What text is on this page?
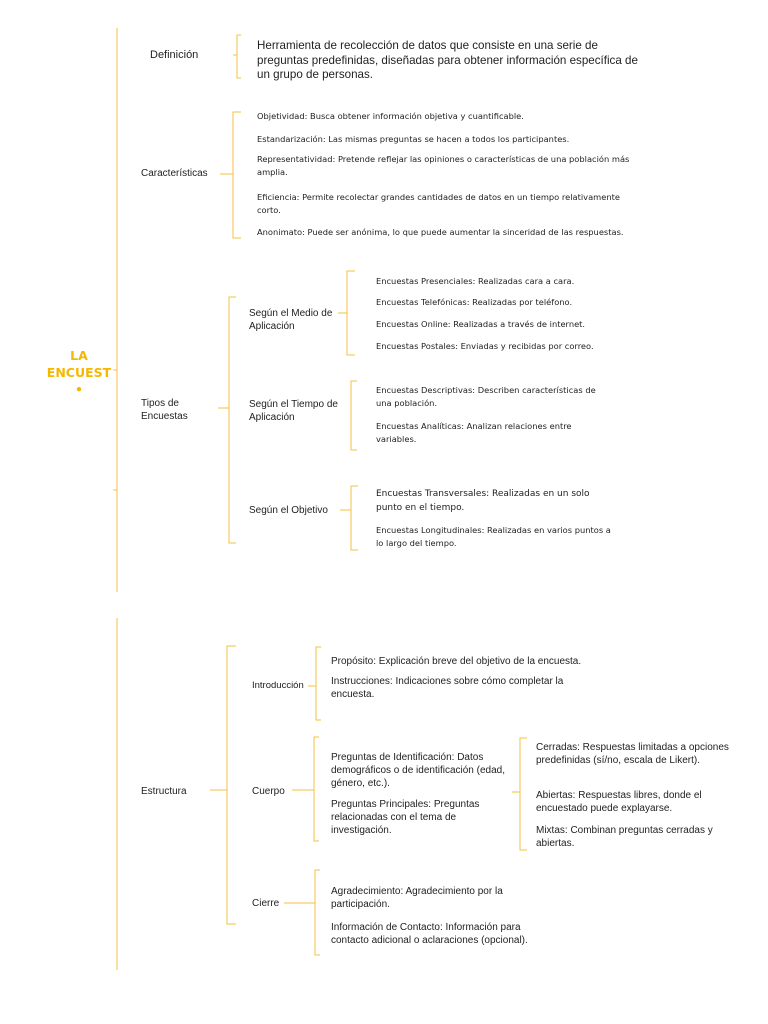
LA ENCUEST
•
Definición
Herramienta de recolección de datos que consiste en una serie de preguntas predefinidas, diseñadas para obtener información específica de un grupo de personas.
Características
Objetividad: Busca obtener información objetiva y cuantificable.
Estandarización: Las mismas preguntas se hacen a todos los participantes.
Representatividad: Pretende reflejar las opiniones o características de una población más amplia.
Eficiencia: Permite recolectar grandes cantidades de datos en un tiempo relativamente corto.
Anonimato: Puede ser anónima, lo que puede aumentar la sinceridad de las respuestas.
Tipos de Encuestas
Según el Medio de Aplicación
Encuestas Presenciales: Realizadas cara a cara.
Encuestas Telefónicas: Realizadas por teléfono.
Encuestas Online: Realizadas a través de internet.
Encuestas Postales: Enviadas y recibidas por correo.
Según el Tiempo de Aplicación
Encuestas Descriptivas: Describen características de una población.
Encuestas Analíticas: Analizan relaciones entre variables.
Según el Objetivo
Encuestas Transversales: Realizadas en un solo punto en el tiempo.
Encuestas Longitudinales: Realizadas en varios puntos a lo largo del tiempo.
Estructura
Introducción
Propósito: Explicación breve del objetivo de la encuesta.
Instrucciones: Indicaciones sobre cómo completar la encuesta.
Cuerpo
Preguntas de Identificación: Datos demográficos o de identificación (edad, género, etc.).
Preguntas Principales: Preguntas relacionadas con el tema de investigación.
Cerradas: Respuestas limitadas a opciones predefinidas (sí/no, escala de Likert).
Abiertas: Respuestas libres, donde el encuestado puede explayarse.
Mixtas: Combinan preguntas cerradas y abiertas.
Cierre
Agradecimiento: Agradecimiento por la participación.
Información de Contacto: Información para contacto adicional o aclaraciones (opcional).
